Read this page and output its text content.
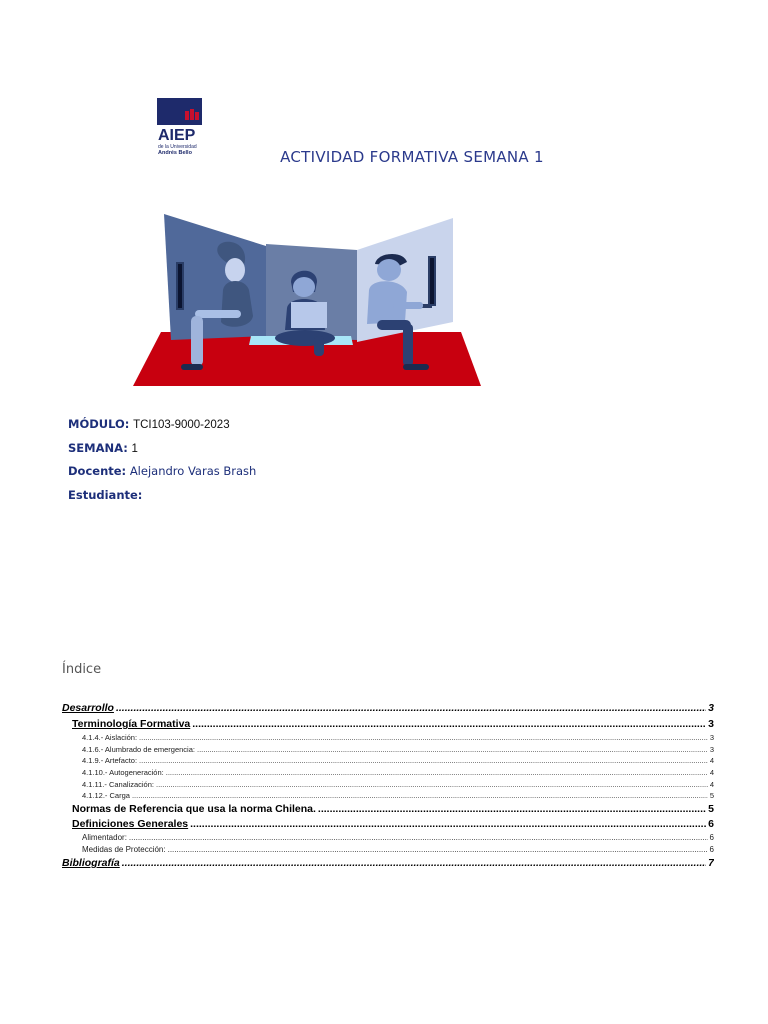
AIEP
de la Universidad
Andrés Bello	ACTIVIDAD FORMATIVA SEMANA 1
MÓDULO: TCI103-9000-2023
SEMANA: 1
Docente: Alejandro Varas Brash
Estudiante:
Índice
Desarrollo .....	3
Terminología Formativa .....	3
4.1.4.- Aislación: .....	3
4.1.6.- Alumbrado de emergencia: .....	3
4.1.9.- Artefacto: .....	4
4.1.10.- Autogeneración: .....	4
4.1.11.- Canalización: .....	4
4.1.12.- Carga .....	5
Normas de Referencia que usa la norma Chilena. .....	5
Definiciones Generales .....	6
Alimentador: .....	6
Medidas de Protección: .....	6
Bibliografía .....	7
